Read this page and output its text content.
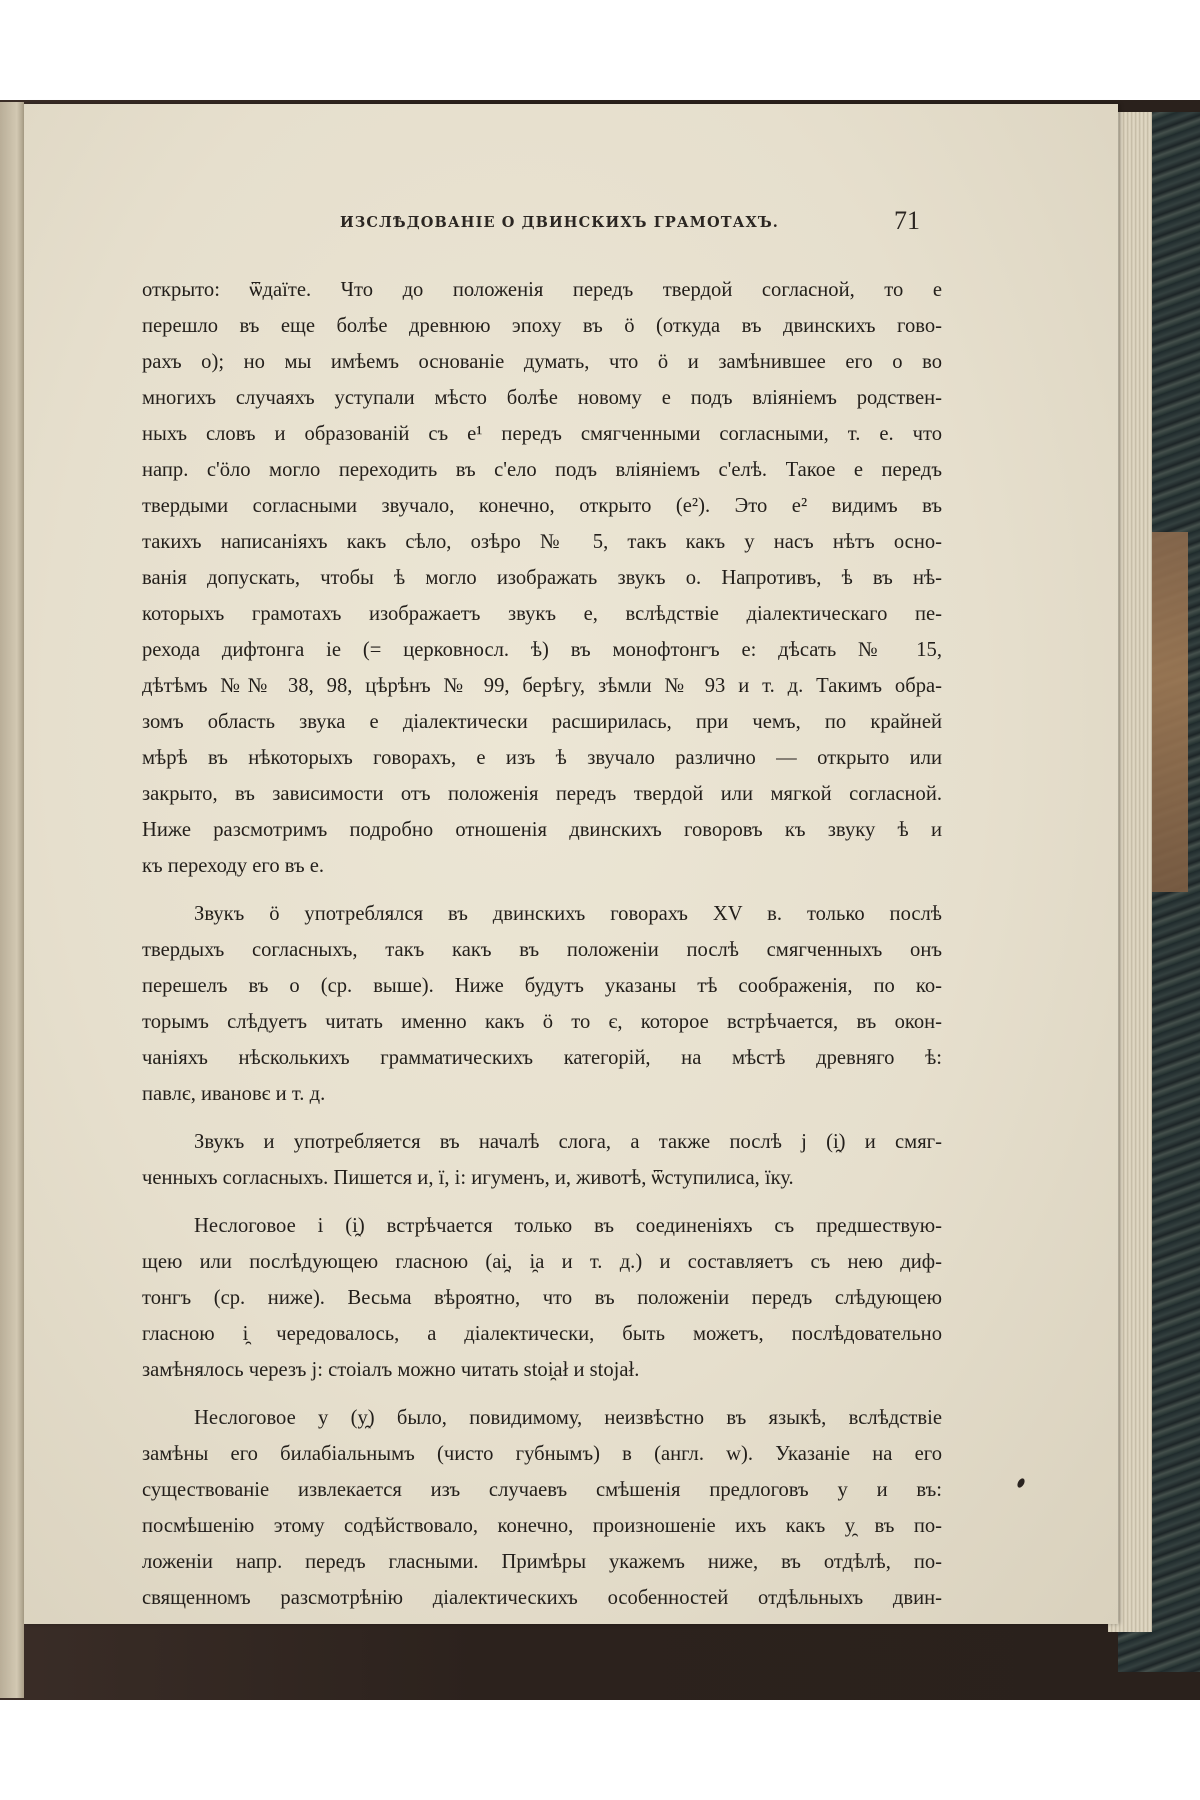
ИЗСЛѢДОВАНІЕ О ДВИНСКИХЪ ГРАМОТАХЪ.	71

открыто: ѿдаїте. Что до положенія передъ твердой согласной, то е
перешло въ еще болѣе древнюю эпоху въ ö (откуда въ двинскихъ гово-
рахъ о); но мы имѣемъ основаніе думать, что ö и замѣнившее его о во
многихъ случаяхъ уступали мѣсто болѣе новому е подъ вліяніемъ родствен-
ныхъ словъ и образованій съ е¹ передъ смягченными согласными, т. е. что
напр. с'öло могло переходить въ с'ело подъ вліяніемъ с'елѣ. Такое е передъ
твердыми согласными звучало, конечно, открыто (е²). Это е² видимъ въ
такихъ написаніяхъ какъ сѣло, озѣро № 5, такъ какъ у насъ нѣтъ осно-
ванія допускать, чтобы ѣ могло изображать звукъ о. Напротивъ, ѣ въ нѣ-
которыхъ грамотахъ изображаетъ звукъ е, вслѣдствіе діалектическаго пе-
рехода дифтонга іе (= церковносл. ѣ) въ монофтонгъ е: дѣсать № 15,
дѣтѣмъ №№ 38, 98, цѣрѣнъ № 99, берѣгу, зѣмли № 93 и т. д. Такимъ обра-
зомъ область звука е діалектически расширилась, при чемъ, по крайней
мѣрѣ въ нѣкоторыхъ говорахъ, е изъ ѣ звучало различно — открыто или
закрыто, въ зависимости отъ положенія передъ твердой или мягкой согласной.
Ниже разсмотримъ подробно отношенія двинскихъ говоровъ къ звуку ѣ и
къ переходу его въ е.

Звукъ ö употреблялся въ двинскихъ говорахъ XV в. только послѣ
твердыхъ согласныхъ, такъ какъ въ положеніи послѣ смягченныхъ онъ
перешелъ въ о (ср. выше). Ниже будутъ указаны тѣ соображенія, по ко-
торымъ слѣдуетъ читать именно какъ ö то є, которое встрѣчается, въ окон-
чаніяхъ нѣсколькихъ грамматическихъ категорій, на мѣстѣ древняго ѣ:
павлє, ивановє и т. д.

Звукъ и употребляется въ началѣ слога, а также послѣ j (і̯) и смяг-
ченныхъ согласныхъ. Пишется и, ї, і: игуменъ, и, животѣ, ѿступилиса, їку.

Неслоговое і (і̯) встрѣчается только въ соединеніяхъ съ предшествую-
щею или послѣдующею гласною (аі̯, і̯а и т. д.) и составляетъ съ нею диф-
тонгъ (ср. ниже). Весьма вѣроятно, что въ положеніи передъ слѣдующею
гласною і̯ чередовалось, а діалектически, быть можетъ, послѣдовательно
замѣнялось черезъ j: стоіалъ можно читать stoі̯ał и stojał.

Неслоговое у (у̯) было, повидимому, неизвѣстно въ языкѣ, вслѣдствіе
замѣны его билабіальнымъ (чисто губнымъ) в (англ. w). Указаніе на его
существованіе извлекается изъ случаевъ смѣшенія предлоговъ у и въ:
посмѣшенію этому содѣйствовало, конечно, произношеніе ихъ какъ у̯ въ по-
ложеніи напр. передъ гласными. Примѣры укажемъ ниже, въ отдѣлѣ, по-
священномъ разсмотрѣнію діалектическихъ особенностей отдѣльныхъ двин-
